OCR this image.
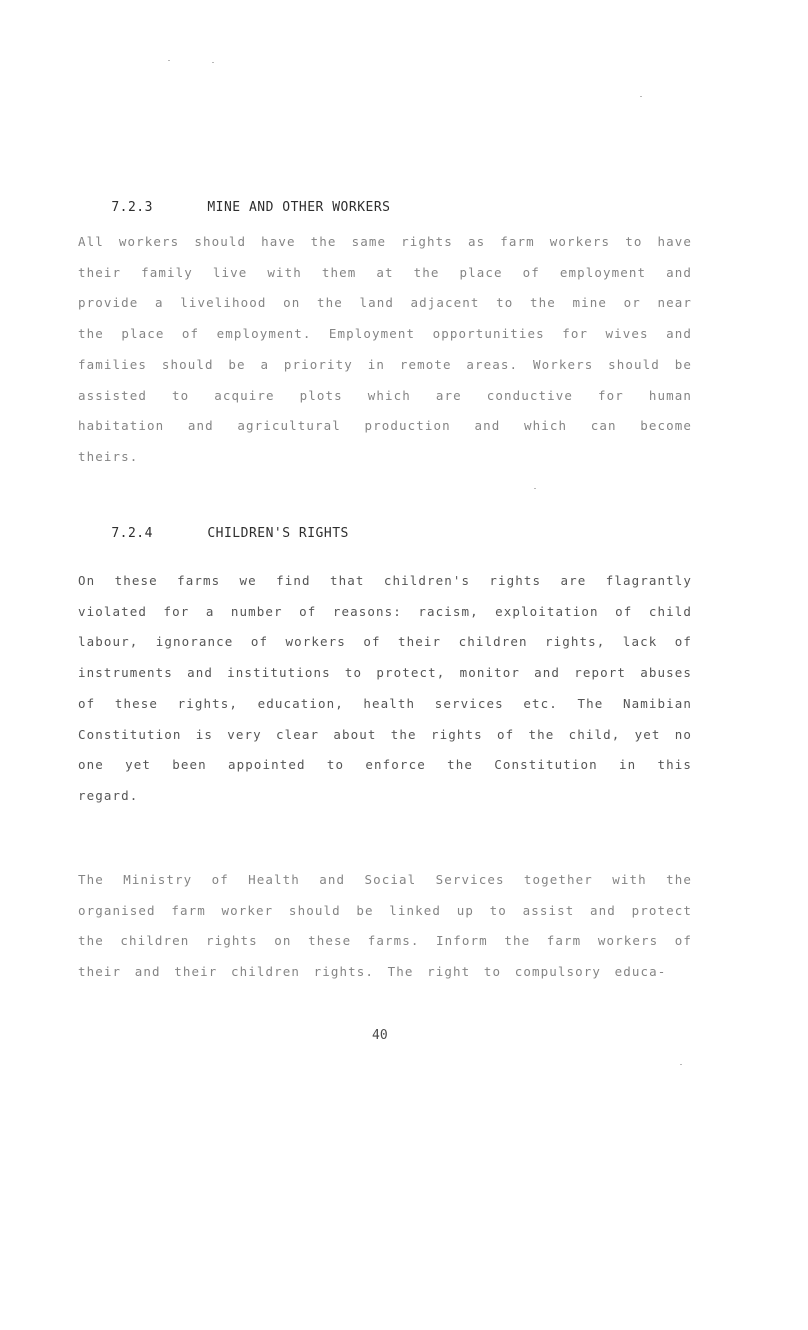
7.2.3	MINE AND OTHER WORKERS

All workers should have the same rights as farm workers to have their family live with them at the place of employment and provide a livelihood on the land adjacent to the mine or near the place of employment. Employment opportunities for wives and families should be a priority in remote areas. Workers should be assisted to acquire plots which are conductive for human habitation and agricultural production and which can become theirs.

7.2.4	CHILDREN'S RIGHTS

On these farms we find that children's rights are flagrantly violated for a number of reasons: racism, exploitation of child labour, ignorance of workers of their children rights, lack of instruments and institutions to protect, monitor and report abuses of these rights, education, health services etc. The Namibian Constitution is very clear about the rights of the child, yet no one yet been appointed to enforce the Constitution in this regard.
The Ministry of Health and Social Services together with the organised farm worker should be linked up to assist and protect the children rights on these farms. Inform the farm workers of their and their children rights. The right to compulsory educa-
40
